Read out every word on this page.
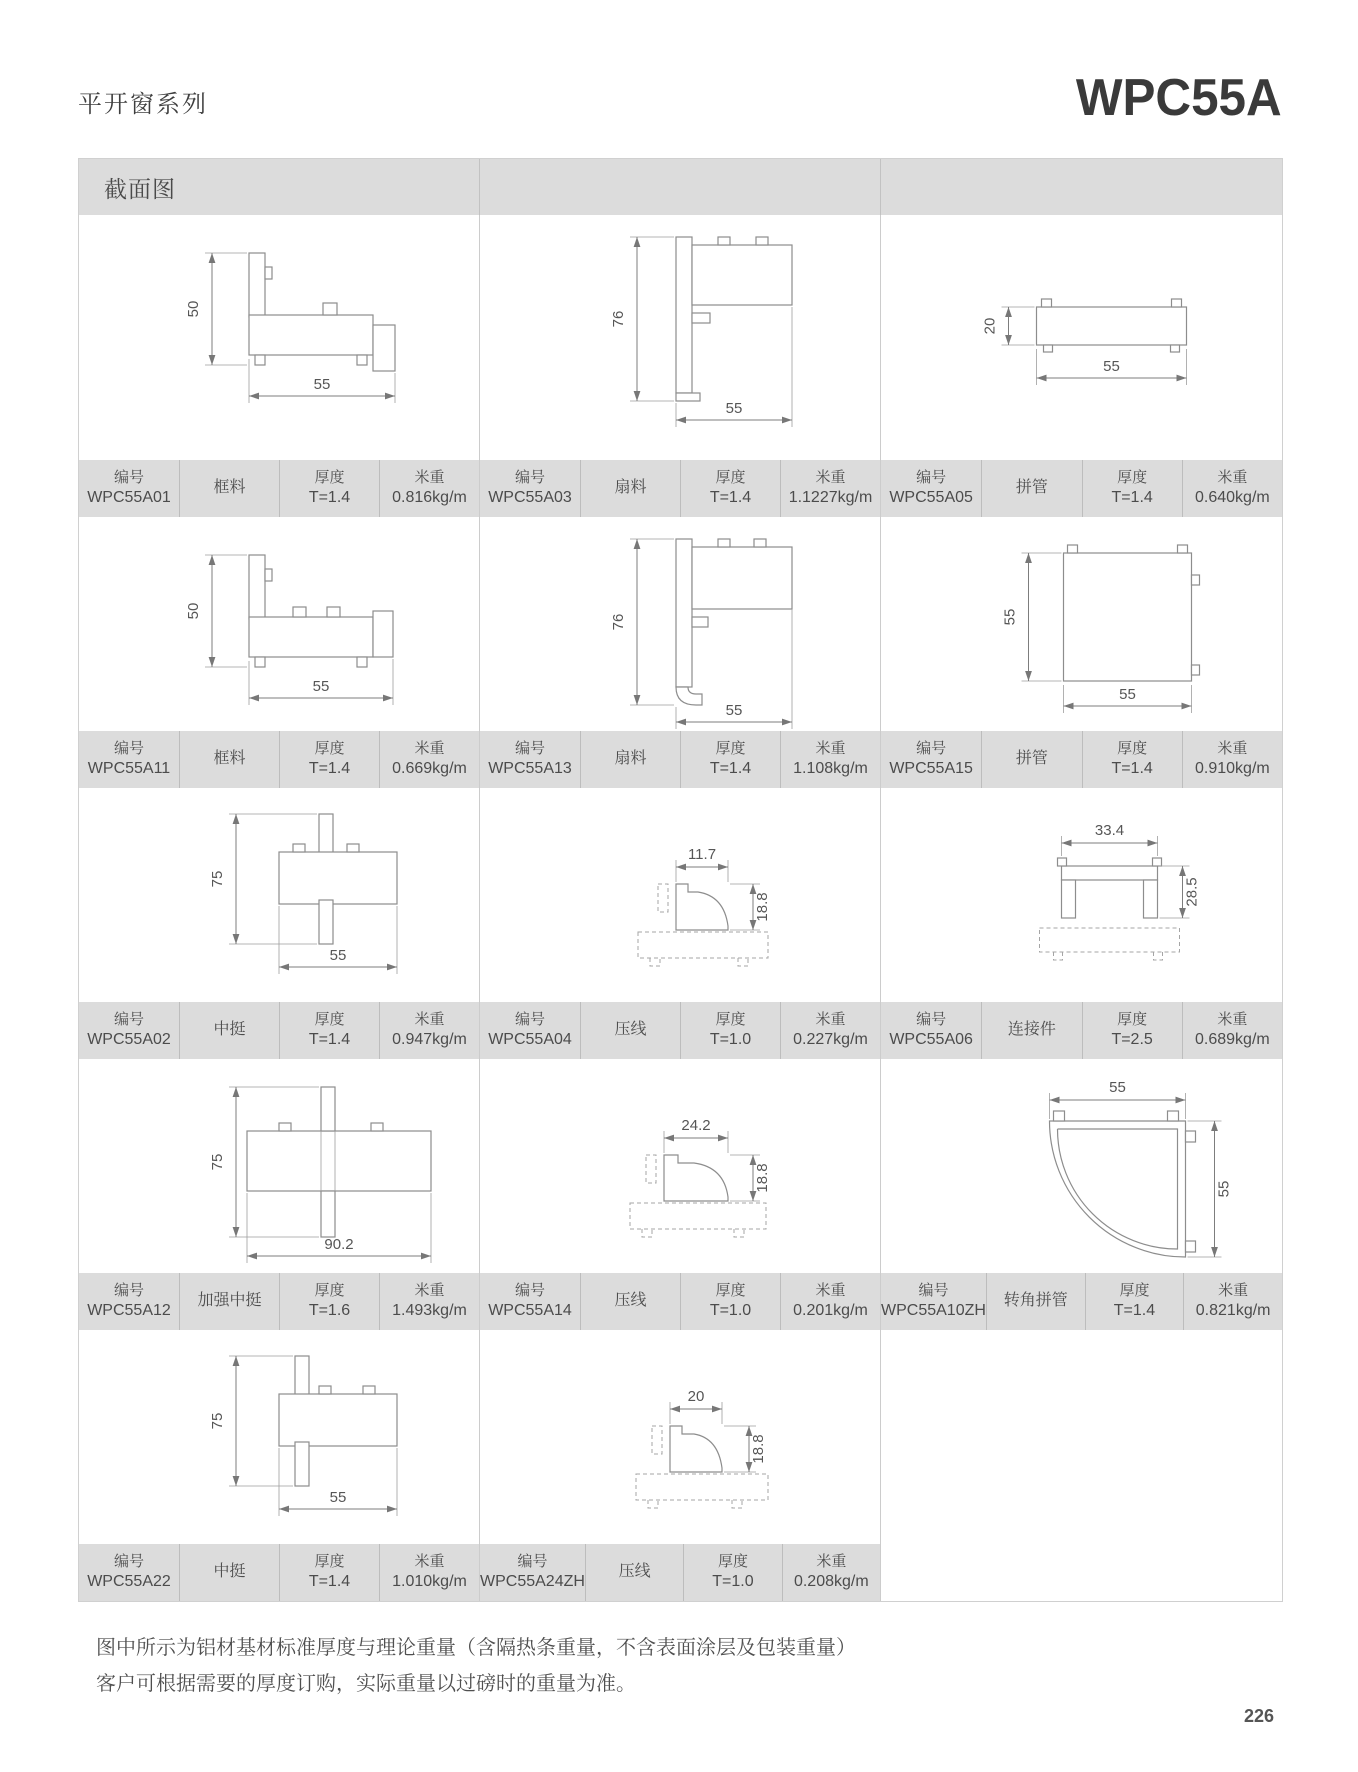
平开窗系列	WPC55A
截面图
50
55
编号
WPC55A01
框料
厚度
T=1.4
米重
0.816kg/m
76
55
编号
WPC55A03
扇料
厚度
T=1.4
米重
1.1227kg/m
20
55
编号
WPC55A05
拼管
厚度
T=1.4
米重
0.640kg/m
50
55
编号
WPC55A11
框料
厚度
T=1.4
米重
0.669kg/m
76
55
编号
WPC55A13
扇料
厚度
T=1.4
米重
1.108kg/m
55
55
编号
WPC55A15
拼管
厚度
T=1.4
米重
0.910kg/m
75
55
编号
WPC55A02
中挺
厚度
T=1.4
米重
0.947kg/m
11.7
18.8
编号
WPC55A04
压线
厚度
T=1.0
米重
0.227kg/m
33.4
28.5
编号
WPC55A06
连接件
厚度
T=2.5
米重
0.689kg/m
75
90.2
编号
WPC55A12
加强中挺
厚度
T=1.6
米重
1.493kg/m
24.2
18.8
编号
WPC55A14
压线
厚度
T=1.0
米重
0.201kg/m
55
55
编号
WPC55A10ZH
转角拼管
厚度
T=1.4
米重
0.821kg/m
75
55
编号
WPC55A22
中挺
厚度
T=1.4
米重
1.010kg/m
20
18.8
编号
WPC55A24ZH
压线
厚度
T=1.0
米重
0.208kg/m
图中所示为铝材基材标准厚度与理论重量（含隔热条重量，不含表面涂层及包装重量）
客户可根据需要的厚度订购，实际重量以过磅时的重量为准。
226
